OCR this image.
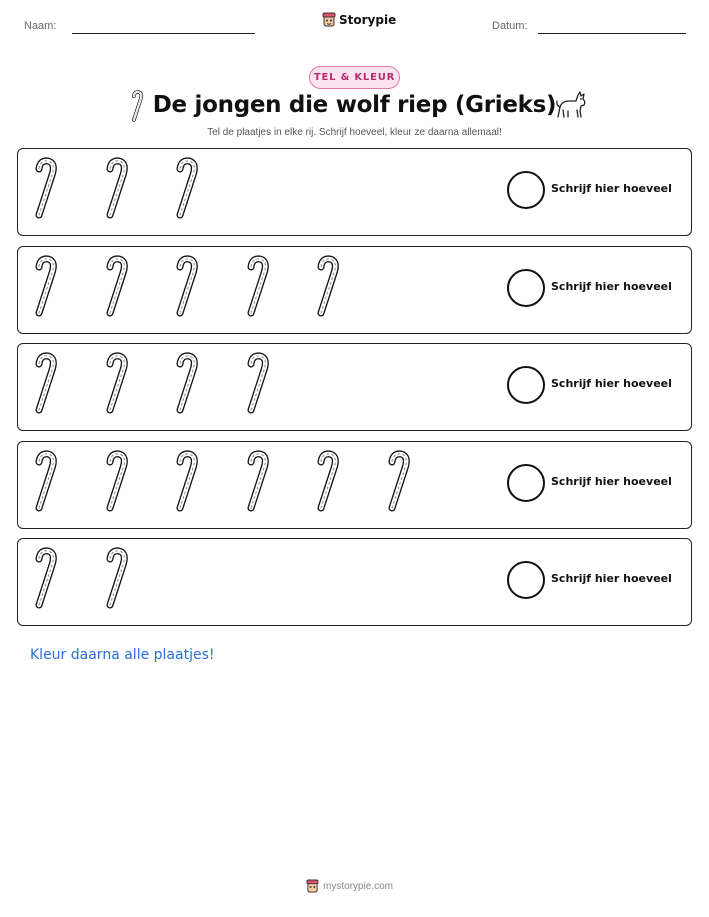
Naam:	Storypie	Datum:
TEL & KLEUR
De jongen die wolf riep (Grieks)
Tel de plaatjes in elke rij. Schrijf hoeveel, kleur ze daarna allemaal!
Schrijf hier hoeveel
Schrijf hier hoeveel
Schrijf hier hoeveel
Schrijf hier hoeveel
Schrijf hier hoeveel
Kleur daarna alle plaatjes!
mystorypie.com
